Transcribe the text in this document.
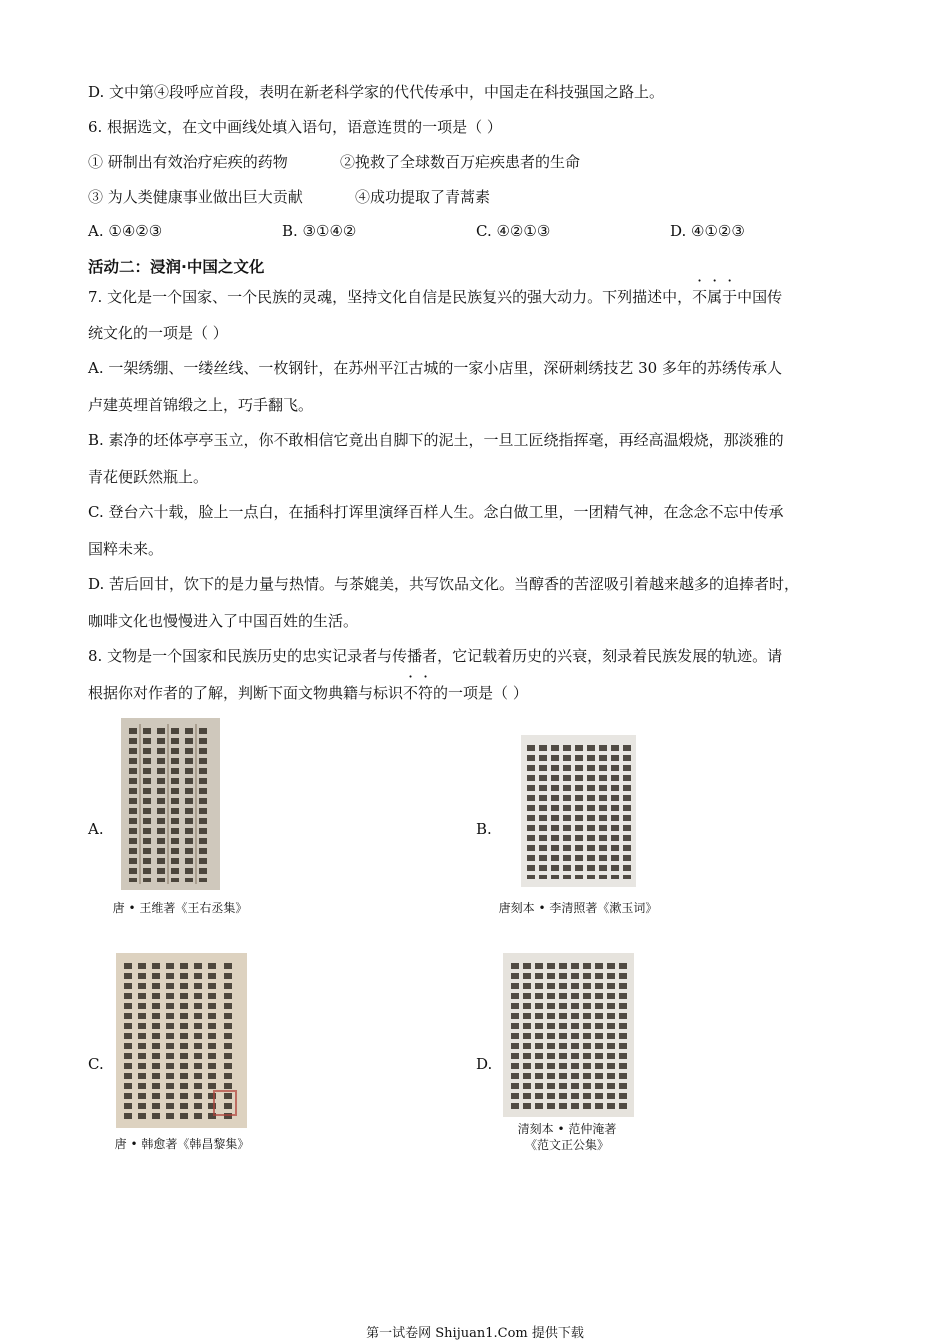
D. 文中第④段呼应首段，表明在新老科学家的代代传承中，中国走在科技强国之路上。
6. 根据选文，在文中画线处填入语句，语意连贯的一项是（ ）
① 研制出有效治疗疟疾的药物	②挽救了全球数百万疟疾患者的生命
③ 为人类健康事业做出巨大贡献	④成功提取了青蒿素
A. ①④②③	B. ③①④②	C. ④②①③	D. ④①②③
活动二：浸润·中国之文化
7. 文化是一个国家、一个民族的灵魂，坚持文化自信是民族复兴的强大动力。下列描述中，不属于中国传
统文化的一项是（ ）
A. 一架绣绷、一缕丝线、一枚钢针，在苏州平江古城的一家小店里，深研刺绣技艺 30 多年的苏绣传承人
卢建英埋首锦缎之上，巧手翻飞。
B. 素净的坯体亭亭玉立，你不敢相信它竟出自脚下的泥土，一旦工匠绕指挥毫，再经高温煅烧，那淡雅的
青花便跃然瓶上。
C. 登台六十载，脸上一点白，在插科打诨里演绎百样人生。念白做工里，一团精气神，在念念不忘中传承
国粹未来。
D. 苦后回甘，饮下的是力量与热情。与茶媲美，共写饮品文化。当醇香的苦涩吸引着越来越多的追捧者时，
咖啡文化也慢慢进入了中国百姓的生活。
8. 文物是一个国家和民族历史的忠实记录者与传播者，它记载着历史的兴衰，刻录着民族发展的轨迹。请
根据你对作者的了解，判断下面文物典籍与标识不符的一项是（ ）
A.
唐 • 王维著《王右丞集》
B.
唐刻本 • 李清照著《漱玉词》
C.
唐 • 韩愈著《韩昌黎集》
D.
清刻本 • 范仲淹著
《范文正公集》
第一试卷网 Shijuan1.Com 提供下载
